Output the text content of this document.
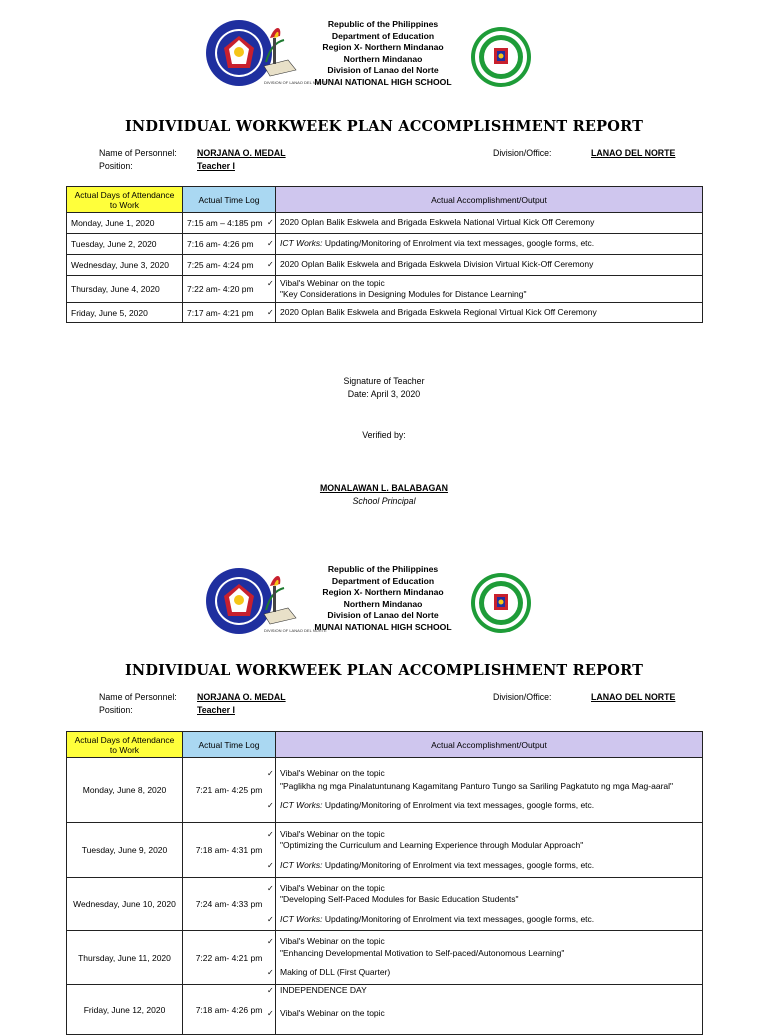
DIVISION OF LANAO DEL NORTE
Republic of the Philippines
Department of Education
Region X- Northern Mindanao
Northern Mindanao
Division of Lanao del Norte
MUNAI NATIONAL HIGH SCHOOL
INDIVIDUAL WORKWEEK PLAN ACCOMPLISHMENT REPORT
Name of Personnel: NORJANA O. MEDAL
Position:	Teacher I
Division/Office:	LANAO DEL NORTE
Actual Days of Attendance to Work	Actual Time Log	Actual Accomplishment/Output
Monday, June 1, 2020	7:15 am – 4:185 pm	✓ 2020 Oplan Balik Eskwela and Brigada Eskwela National Virtual Kick Off Ceremony

Tuesday, June 2, 2020	7:16 am- 4:26 pm	✓ ICT Works: Updating/Monitoring of Enrolment via text messages, google forms, etc.

Wednesday, June 3, 2020	7:25 am- 4:24 pm	✓ 2020 Oplan Balik Eskwela and Brigada Eskwela Division Virtual Kick-Off Ceremony

Thursday, June 4, 2020	7:22 am- 4:20 pm	✓ Vibal's Webinar on the topic
"Key Considerations in Designing Modules for Distance Learning"

Friday, June 5, 2020	7:17 am- 4:21 pm	✓ 2020 Oplan Balik Eskwela and Brigada Eskwela Regional Virtual Kick Off Ceremony
Signature of Teacher
Date: April 3, 2020
Verified by:
MONALAWAN L. BALABAGAN
School Principal
DIVISION OF LANAO DEL NORTE
Republic of the Philippines
Department of Education
Region X- Northern Mindanao
Northern Mindanao
Division of Lanao del Norte
MUNAI NATIONAL HIGH SCHOOL
INDIVIDUAL WORKWEEK PLAN ACCOMPLISHMENT REPORT
Name of Personnel: NORJANA O. MEDAL
Position:	Teacher I
Division/Office:	LANAO DEL NORTE
Actual Days of Attendance to Work	Actual Time Log	Actual Accomplishment/Output
Monday, June 8, 2020	7:21 am- 4:25 pm	✓ Vibal's Webinar on the topic
"Paglikha ng mga Pinalatuntunang Kagamitang Panturo Tungo sa Sariling Pagkatuto ng mga Mag-aaral"
✓ ICT Works: Updating/Monitoring of Enrolment via text messages, google forms, etc.

Tuesday, June 9, 2020	7:18 am- 4:31 pm	✓ Vibal's Webinar on the topic
"Optimizing the Curriculum and Learning Experience through Modular Approach"
✓ ICT Works: Updating/Monitoring of Enrolment via text messages, google forms, etc.

Wednesday, June 10, 2020	7:24 am- 4:33 pm	✓ Vibal's Webinar on the topic
"Developing Self-Paced Modules for Basic Education Students"
✓ ICT Works: Updating/Monitoring of Enrolment via text messages, google forms, etc.

Thursday, June 11, 2020	7:22 am- 4:21 pm	✓ Vibal's Webinar on the topic
"Enhancing Developmental Motivation to Self-paced/Autonomous Learning"
✓ Making of DLL (First Quarter)

Friday, June 12, 2020	7:18 am- 4:26 pm	✓ INDEPENDENCE DAY
✓ Vibal's Webinar on the topic
